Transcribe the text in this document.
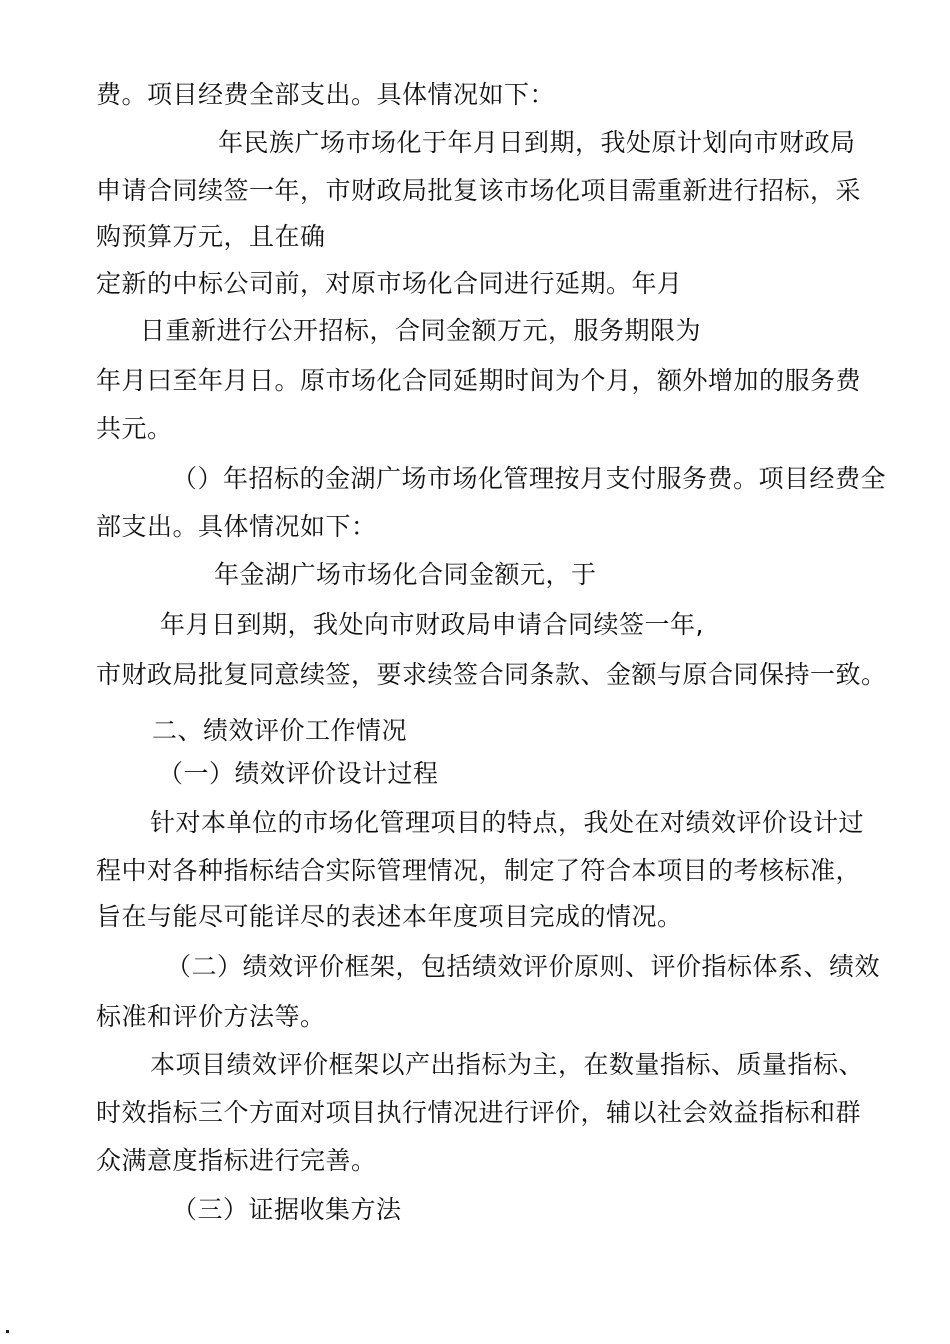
费。项目经费全部支出。具体情况如下：
年民族广场市场化于年月日到期，我处原计划向市财政局
申请合同续签一年，市财政局批复该市场化项目需重新进行招标，采
购预算万元，且在确
定新的中标公司前，对原市场化合同进行延期。年月
日重新进行公开招标，合同金额万元，服务期限为
年月曰至年月日。原市场化合同延期时间为个月，额外增加的服务费
共元。
（）年招标的金湖广场市场化管理按月支付服务费。项目经费全
部支出。具体情况如下：
年金湖广场市场化合同金额元，于
年月日到期，我处向市财政局申请合同续签一年,
市财政局批复同意续签，要求续签合同条款、金额与原合同保持一致。
二、绩效评价工作情况
（一）绩效评价设计过程
针对本单位的市场化管理项目的特点，我处在对绩效评价设计过
程中对各种指标结合实际管理情况，制定了符合本项目的考核标准，
旨在与能尽可能详尽的表述本年度项目完成的情况。
（二）绩效评价框架，包括绩效评价原则、评价指标体系、绩效
标准和评价方法等。
本项目绩效评价框架以产出指标为主，在数量指标、质量指标、
时效指标三个方面对项目执行情况进行评价，辅以社会效益指标和群
众满意度指标进行完善。
（三）证据收集方法
